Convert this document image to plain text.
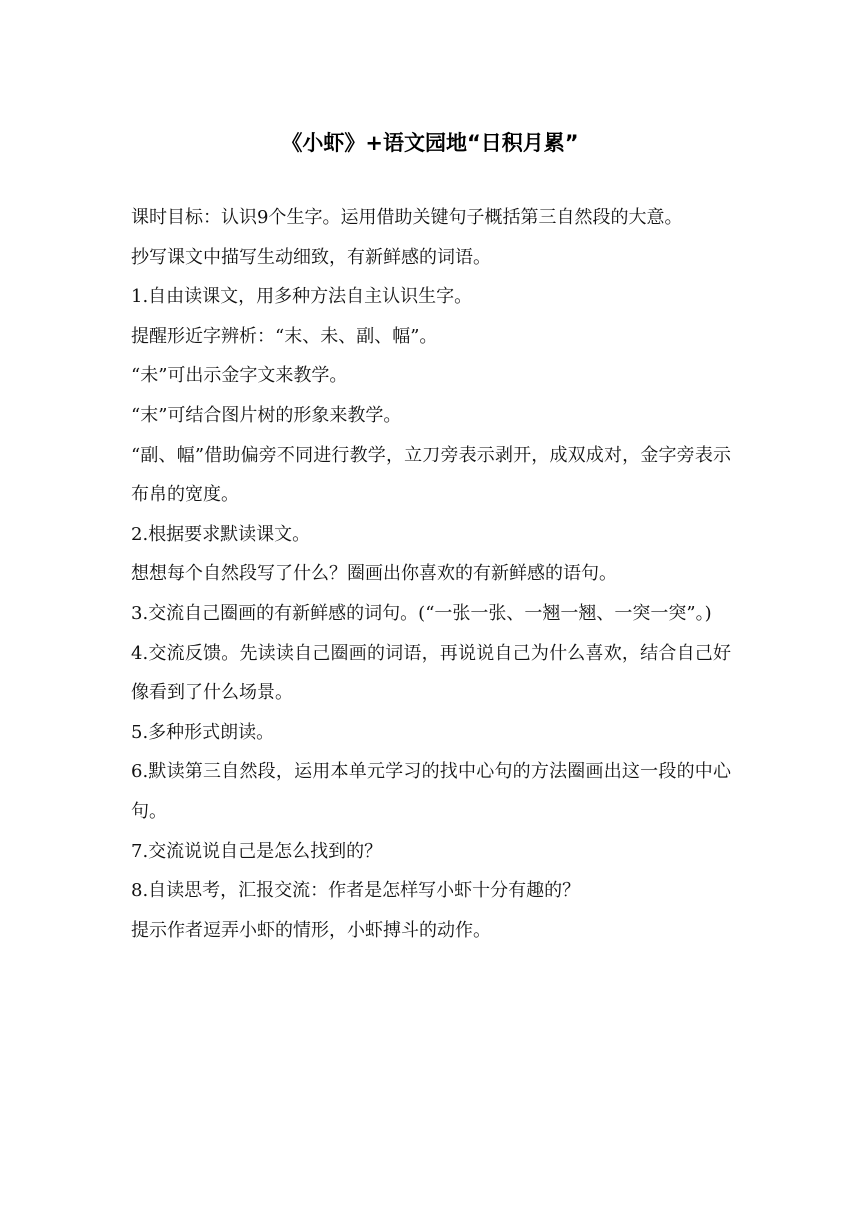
《小虾》+语文园地“日积月累”

课时目标：认识9个生字。运用借助关键句子概括第三自然段的大意。

抄写课文中描写生动细致，有新鲜感的词语。

1.自由读课文，用多种方法自主认识生字。

提醒形近字辨析：“末、未、副、幅”。

“未”可出示金字文来教学。

“末”可结合图片树的形象来教学。

“副、幅”借助偏旁不同进行教学，立刀旁表示剥开，成双成对，金字旁表示布帛的宽度。

2.根据要求默读课文。

想想每个自然段写了什么？圈画出你喜欢的有新鲜感的语句。

3.交流自己圈画的有新鲜感的词句。(“一张一张、一翘一翘、一突一突”。)

4.交流反馈。先读读自己圈画的词语，再说说自己为什么喜欢，结合自己好像看到了什么场景。

5.多种形式朗读。

6.默读第三自然段，运用本单元学习的找中心句的方法圈画出这一段的中心句。

7.交流说说自己是怎么找到的？

8.自读思考，汇报交流：作者是怎样写小虾十分有趣的？

提示作者逗弄小虾的情形，小虾搏斗的动作。
